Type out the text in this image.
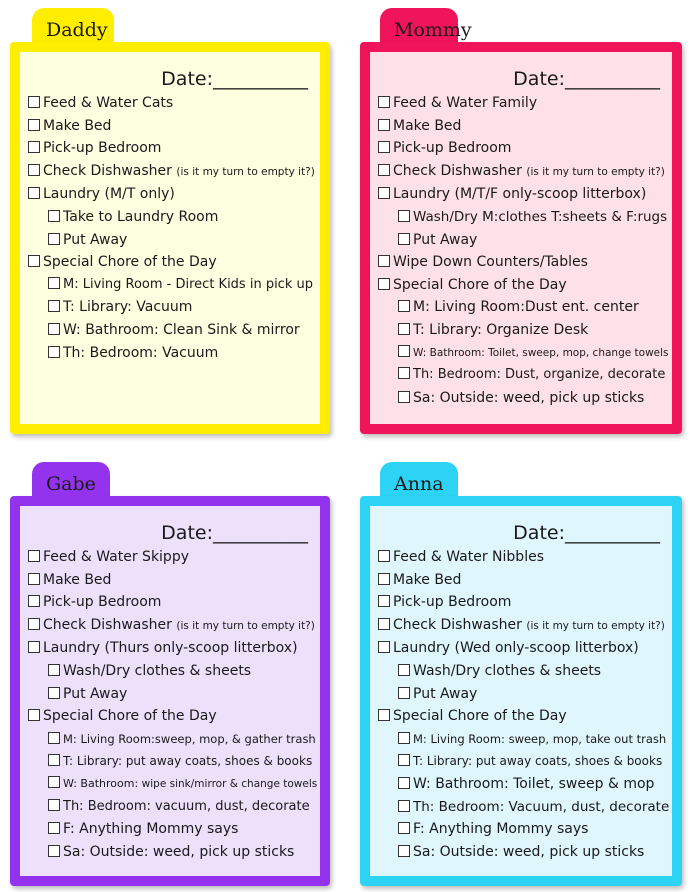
Daddy
Date:__________
Feed & Water Cats
Make Bed
Pick-up Bedroom
Check Dishwasher (is it my turn to empty it?)
Laundry (M/T only)
Take to Laundry Room
Put Away
Special Chore of the Day
M: Living Room - Direct Kids in pick up
T: Library: Vacuum
W: Bathroom: Clean Sink & mirror
Th: Bedroom: Vacuum
Mommy
Date:__________
Feed & Water Family
Make Bed
Pick-up Bedroom
Check Dishwasher (is it my turn to empty it?)
Laundry (M/T/F only-scoop litterbox)
Wash/Dry M:clothes T:sheets & F:rugs
Put Away
Wipe Down Counters/Tables
Special Chore of the Day
M: Living Room:Dust ent. center
T: Library: Organize Desk
W: Bathroom: Toilet, sweep, mop, change towels
Th: Bedroom: Dust, organize, decorate
Sa: Outside: weed, pick up sticks
Gabe
Date:__________
Feed & Water Skippy
Make Bed
Pick-up Bedroom
Check Dishwasher (is it my turn to empty it?)
Laundry (Thurs only-scoop litterbox)
Wash/Dry clothes & sheets
Put Away
Special Chore of the Day
M: Living Room:sweep, mop, & gather trash
T: Library: put away coats, shoes & books
W: Bathroom: wipe sink/mirror & change towels
Th: Bedroom: vacuum, dust, decorate
F: Anything Mommy says
Sa: Outside: weed, pick up sticks
Anna
Date:__________
Feed & Water Nibbles
Make Bed
Pick-up Bedroom
Check Dishwasher (is it my turn to empty it?)
Laundry (Wed only-scoop litterbox)
Wash/Dry clothes & sheets
Put Away
Special Chore of the Day
M: Living Room: sweep, mop, take out trash
T: Library: put away coats, shoes & books
W: Bathroom: Toilet, sweep & mop
Th: Bedroom: Vacuum, dust, decorate
F: Anything Mommy says
Sa: Outside: weed, pick up sticks
